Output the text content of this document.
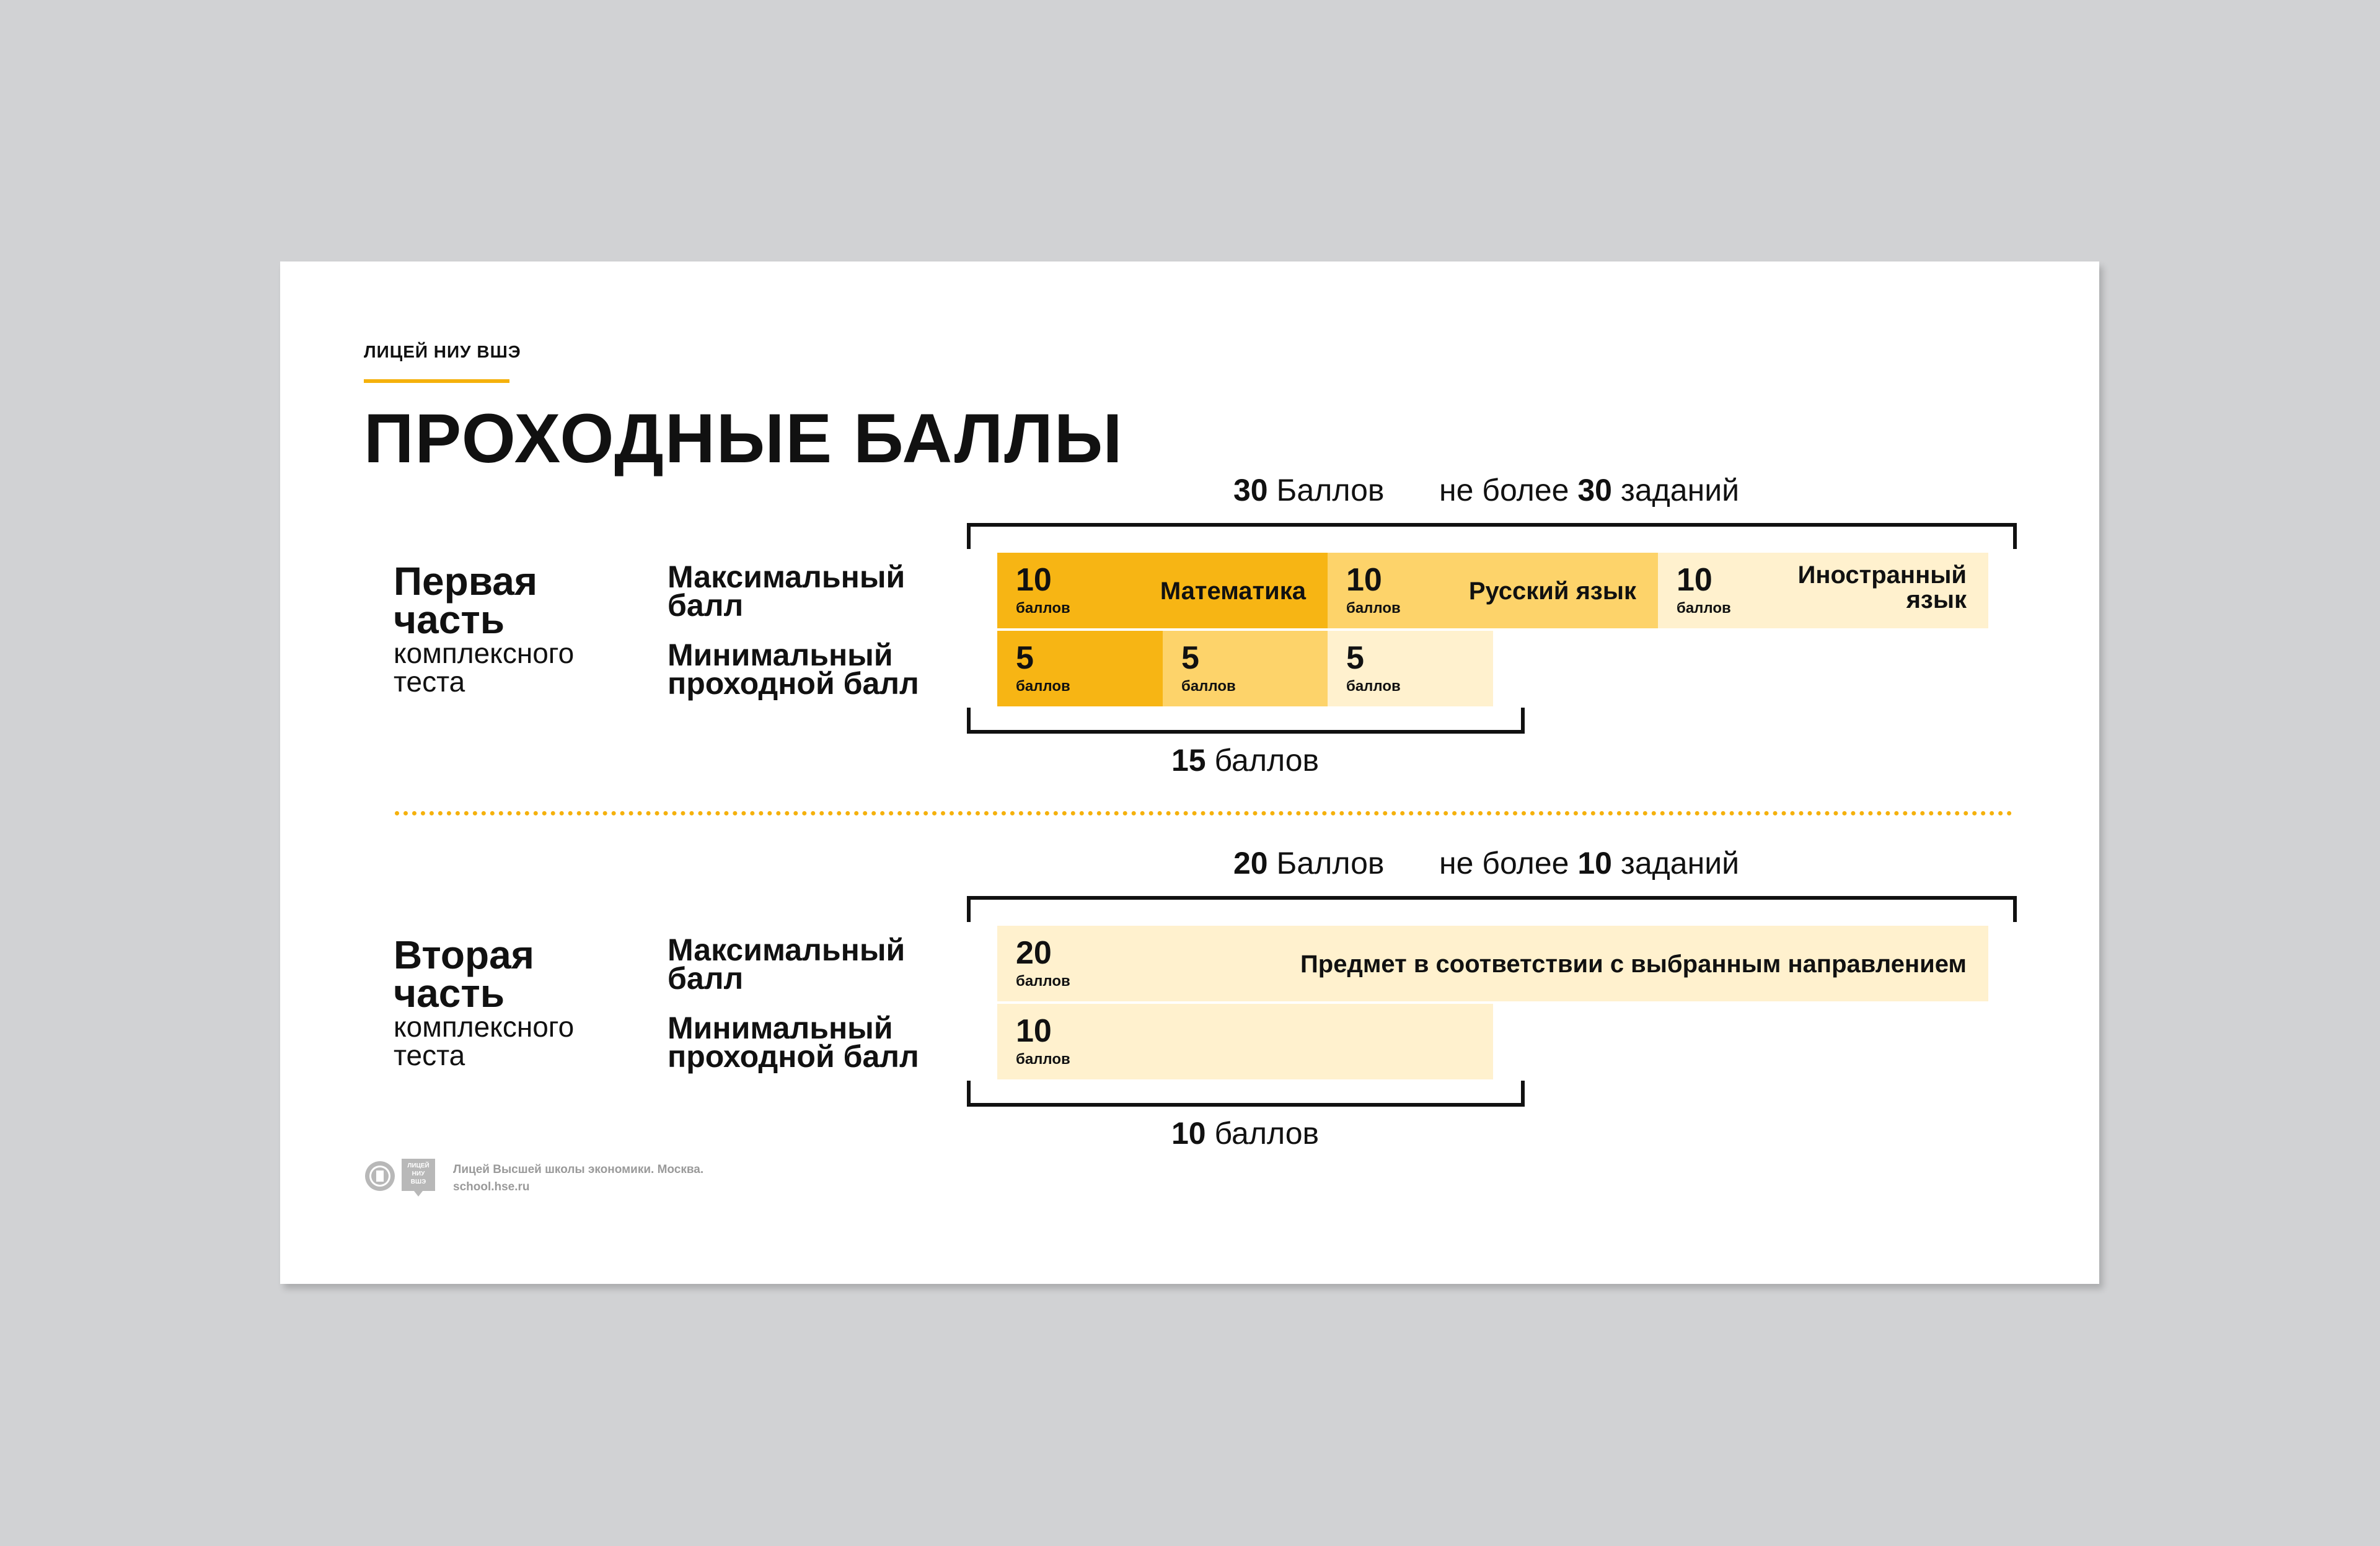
ЛИЦЕЙ НИУ ВШЭ
ПРОХОДНЫЕ БАЛЛЫ
30 Баллов не более 30 заданий
Первая
часть
комплексного
теста
Максимальный
балл
Минимальный
проходной балл
10
баллов
Математика 10
баллов
Русский язык 10
баллов
Иностранный
язык
5
баллов
5
баллов
5
баллов
15 баллов
20 Баллов не более 10 заданий
Вторая
часть
комплексного
теста
Максимальный
балл
Минимальный
проходной балл
20
баллов
Предмет в соответствии с выбранным направлением
10
баллов
10 баллов
ЛИЦЕЙ
НИУ
ВШЭ
Лицей Высшей школы экономики. Москва.
school.hse.ru
